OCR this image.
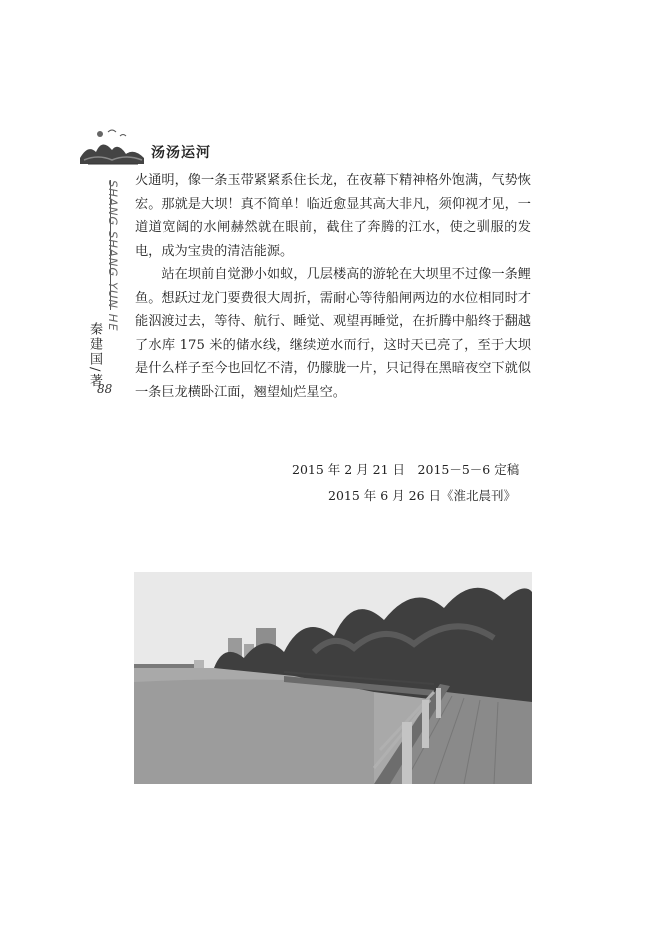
汤汤运河
SHANG SHANG YUN HE
秦建国/著
88

火通明，像一条玉带紧紧系住长龙，在夜幕下精神格外饱满，气势恢宏。那就是大坝！真不简单！临近愈显其高大非凡，须仰视才见，一道道宽阔的水闸赫然就在眼前，截住了奔腾的江水，使之驯服的发电，成为宝贵的清洁能源。

站在坝前自觉渺小如蚁，几层楼高的游轮在大坝里不过像一条鲤鱼。想跃过龙门要费很大周折，需耐心等待船闸两边的水位相同时才能泅渡过去，等待、航行、睡觉、观望再睡觉，在折腾中船终于翻越了水库 175 米的储水线，继续逆水而行，这时天已亮了，至于大坝是什么样子至今也回忆不清，仍朦胧一片，只记得在黑暗夜空下就似一条巨龙横卧江面，翘望灿烂星空。

2015 年 2 月 21 日　2015－5－6 定稿
2015 年 6 月 26 日《淮北晨刊》
